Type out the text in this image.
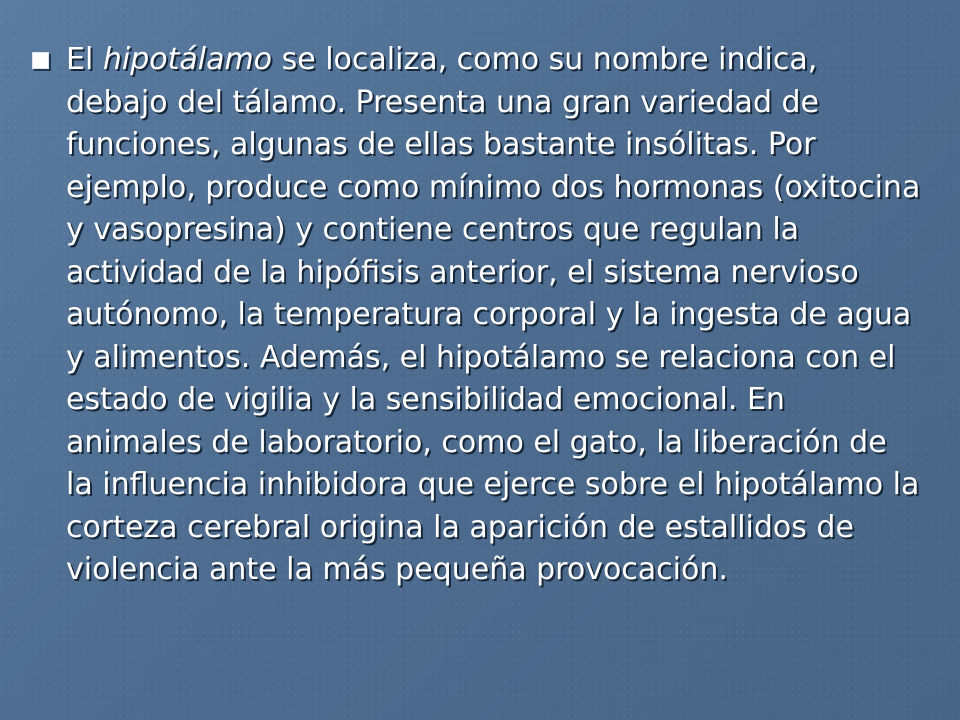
El hipotálamo se localiza, como su nombre indica, debajo del tálamo. Presenta una gran variedad de funciones, algunas de ellas bastante insólitas. Por ejemplo, produce como mínimo dos hormonas (oxitocina y vasopresina) y contiene centros que regulan la actividad de la hipófisis anterior, el sistema nervioso autónomo, la temperatura corporal y la ingesta de agua y alimentos. Además, el hipotálamo se relaciona con el estado de vigilia y la sensibilidad emocional. En animales de laboratorio, como el gato, la liberación de la influencia inhibidora que ejerce sobre el hipotálamo la corteza cerebral origina la aparición de estallidos de violencia ante la más pequeña provocación.
